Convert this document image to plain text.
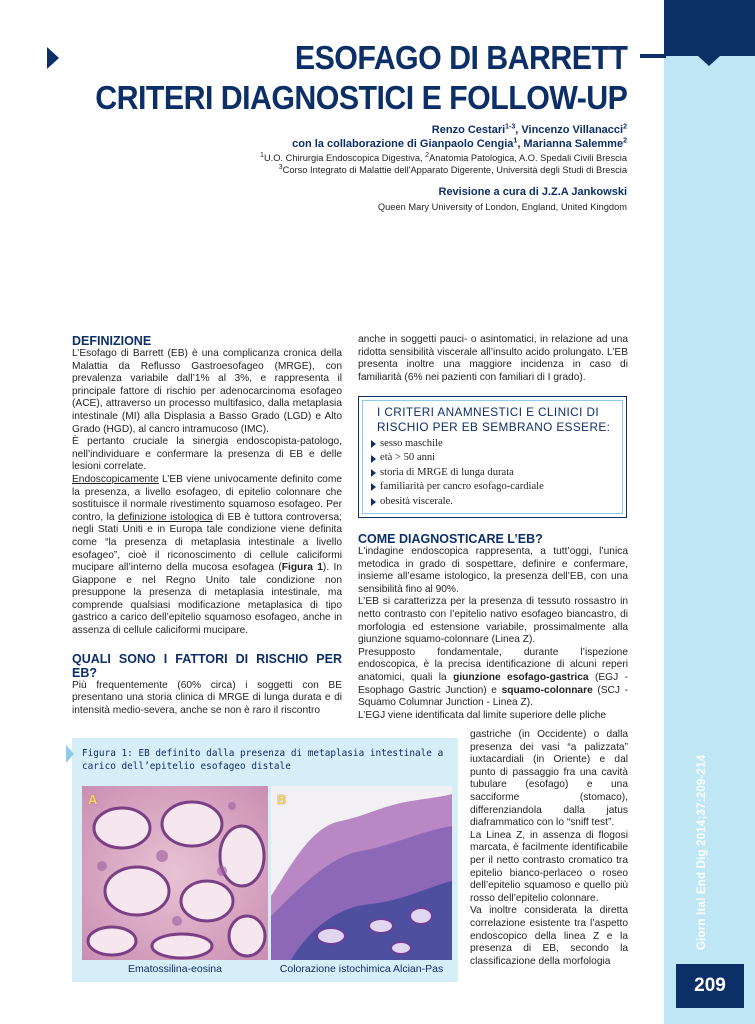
209
ESOFAGO DI BARRETT
CRITERI DIAGNOSTICI E FOLLOW-UP
Renzo Cestari$^{1-3}$, Vincenzo Villanacci$^2$
con la collaborazione di Gianpaolo Cengia$^1$, Marianna Salemme$^2$
$^1$U.O. Chirurgia Endoscopica Digestiva, $^2$Anatomia Patologica, A.O. Spedali Civili Brescia
$^3$Corso Integrato di Malattie dell'Apparato Digerente, Università degli Studi di Brescia
Revisione a cura di J.Z.A Jankowski
Queen Mary University of London, England, United Kingdom

DEFINIZIONE

L’Esofago di Barrett (EB) è una complicanza cronica della Malattia da Reflusso Gastroesofageo (MRGE), con prevalenza variabile dall’1% al 3%, e rappresenta il principale fattore di rischio per adenocarcinoma esofageo (ACE), attraverso un processo multifasico, dalla metaplasia intestinale (MI) alla Displasia a Basso Grado (LGD) e Alto Grado (HGD), al cancro intramucoso (IMC).

È pertanto cruciale la sinergia endoscopista-patologo, nell’individuare e confermare la presenza di EB e delle lesioni correlate.

Endoscopicamente L’EB viene univocamente definito come la presenza, a livello esofageo, di epitelio colonnare che sostituisce il normale rivestimento squamoso esofageo. Per contro, la definizione istologica di EB è tuttora controversa; negli Stati Uniti e in Europa tale condizione viene definita come “la presenza di metaplasia intestinale a livello esofageo”, cioè il riconoscimento di cellule caliciformi mucipare all’interno della mucosa esofagea (Figura 1). In Giappone e nel Regno Unito tale condizione non presuppone la presenza di metaplasia intestinale, ma comprende qualsiasi modificazione metaplasica di tipo gastrico a carico dell’epitelio squamoso esofageo, anche in assenza di cellule caliciformi mucipare.

QUALI SONO I FATTORI DI RISCHIO PER EB?

Più frequentemente (60% circa) i soggetti con BE presentano una storia clinica di MRGE di lunga durata e di intensità medio-severa, anche se non è raro il riscontro

anche in soggetti pauci- o asintomatici, in relazione ad una ridotta sensibilità viscerale all’insulto acido prolungato. L’EB presenta inoltre una maggiore incidenza in caso di familiarità (6% nei pazienti con familiari di I grado).

I CRITERI ANAMNESTICI E CLINICI DI RISCHIO PER EB SEMBRANO ESSERE:
sesso maschile
età > 50 anni
storia di MRGE di lunga durata
familiarità per cancro esofago-cardiale
obesità viscerale.

COME DIAGNOSTICARE L’EB?

L’indagine endoscopica rappresenta, a tutt’oggi, l’unica metodica in grado di sospettare, definire e confermare, insieme all’esame istologico, la presenza dell’EB, con una sensibilità fino al 90%.

L’EB si caratterizza per la presenza di tessuto rossastro in netto contrasto con l’epitelio nativo esofageo biancastro, di morfologia ed estensione variabile, prossimalmente alla giunzione squamo-colonnare (Linea Z).

Presupposto fondamentale, durante l’ispezione endoscopica, è la precisa identificazione di alcuni reperi anatomici, quali la giunzione esofago-gastrica (EGJ - Esophago Gastric Junction) e squamo-colonnare (SCJ - Squamo Columnar Junction - Linea Z).

L’EGJ viene identificata dal limite superiore delle pliche

gastriche (in Occidente) o dalla presenza dei vasi “a palizzata” iuxtacardiali (in Oriente) e dal punto di passaggio fra una cavità tubulare (esofago) e una sacciforme (stomaco), differenziandola dalla jatus diaframmatico con lo “sniff test”.

La Linea Z, in assenza di flogosi marcata, è facilmente identificabile per il netto contrasto cromatico tra epitelio bianco-perlaceo o roseo dell’epitelio squamoso e quello più rosso dell’epitelio colonnare.

Va inoltre considerata la diretta correlazione esistente tra l’aspetto endoscopico della linea Z e la presenza di EB, secondo la classificazione della morfologia

Figura 1: EB definito dalla presenza di metaplasia intestinale a carico dell’epitelio esofageo distale
A	B
Ematossilina-eosina	Colorazione istochimica Alcian-Pas
